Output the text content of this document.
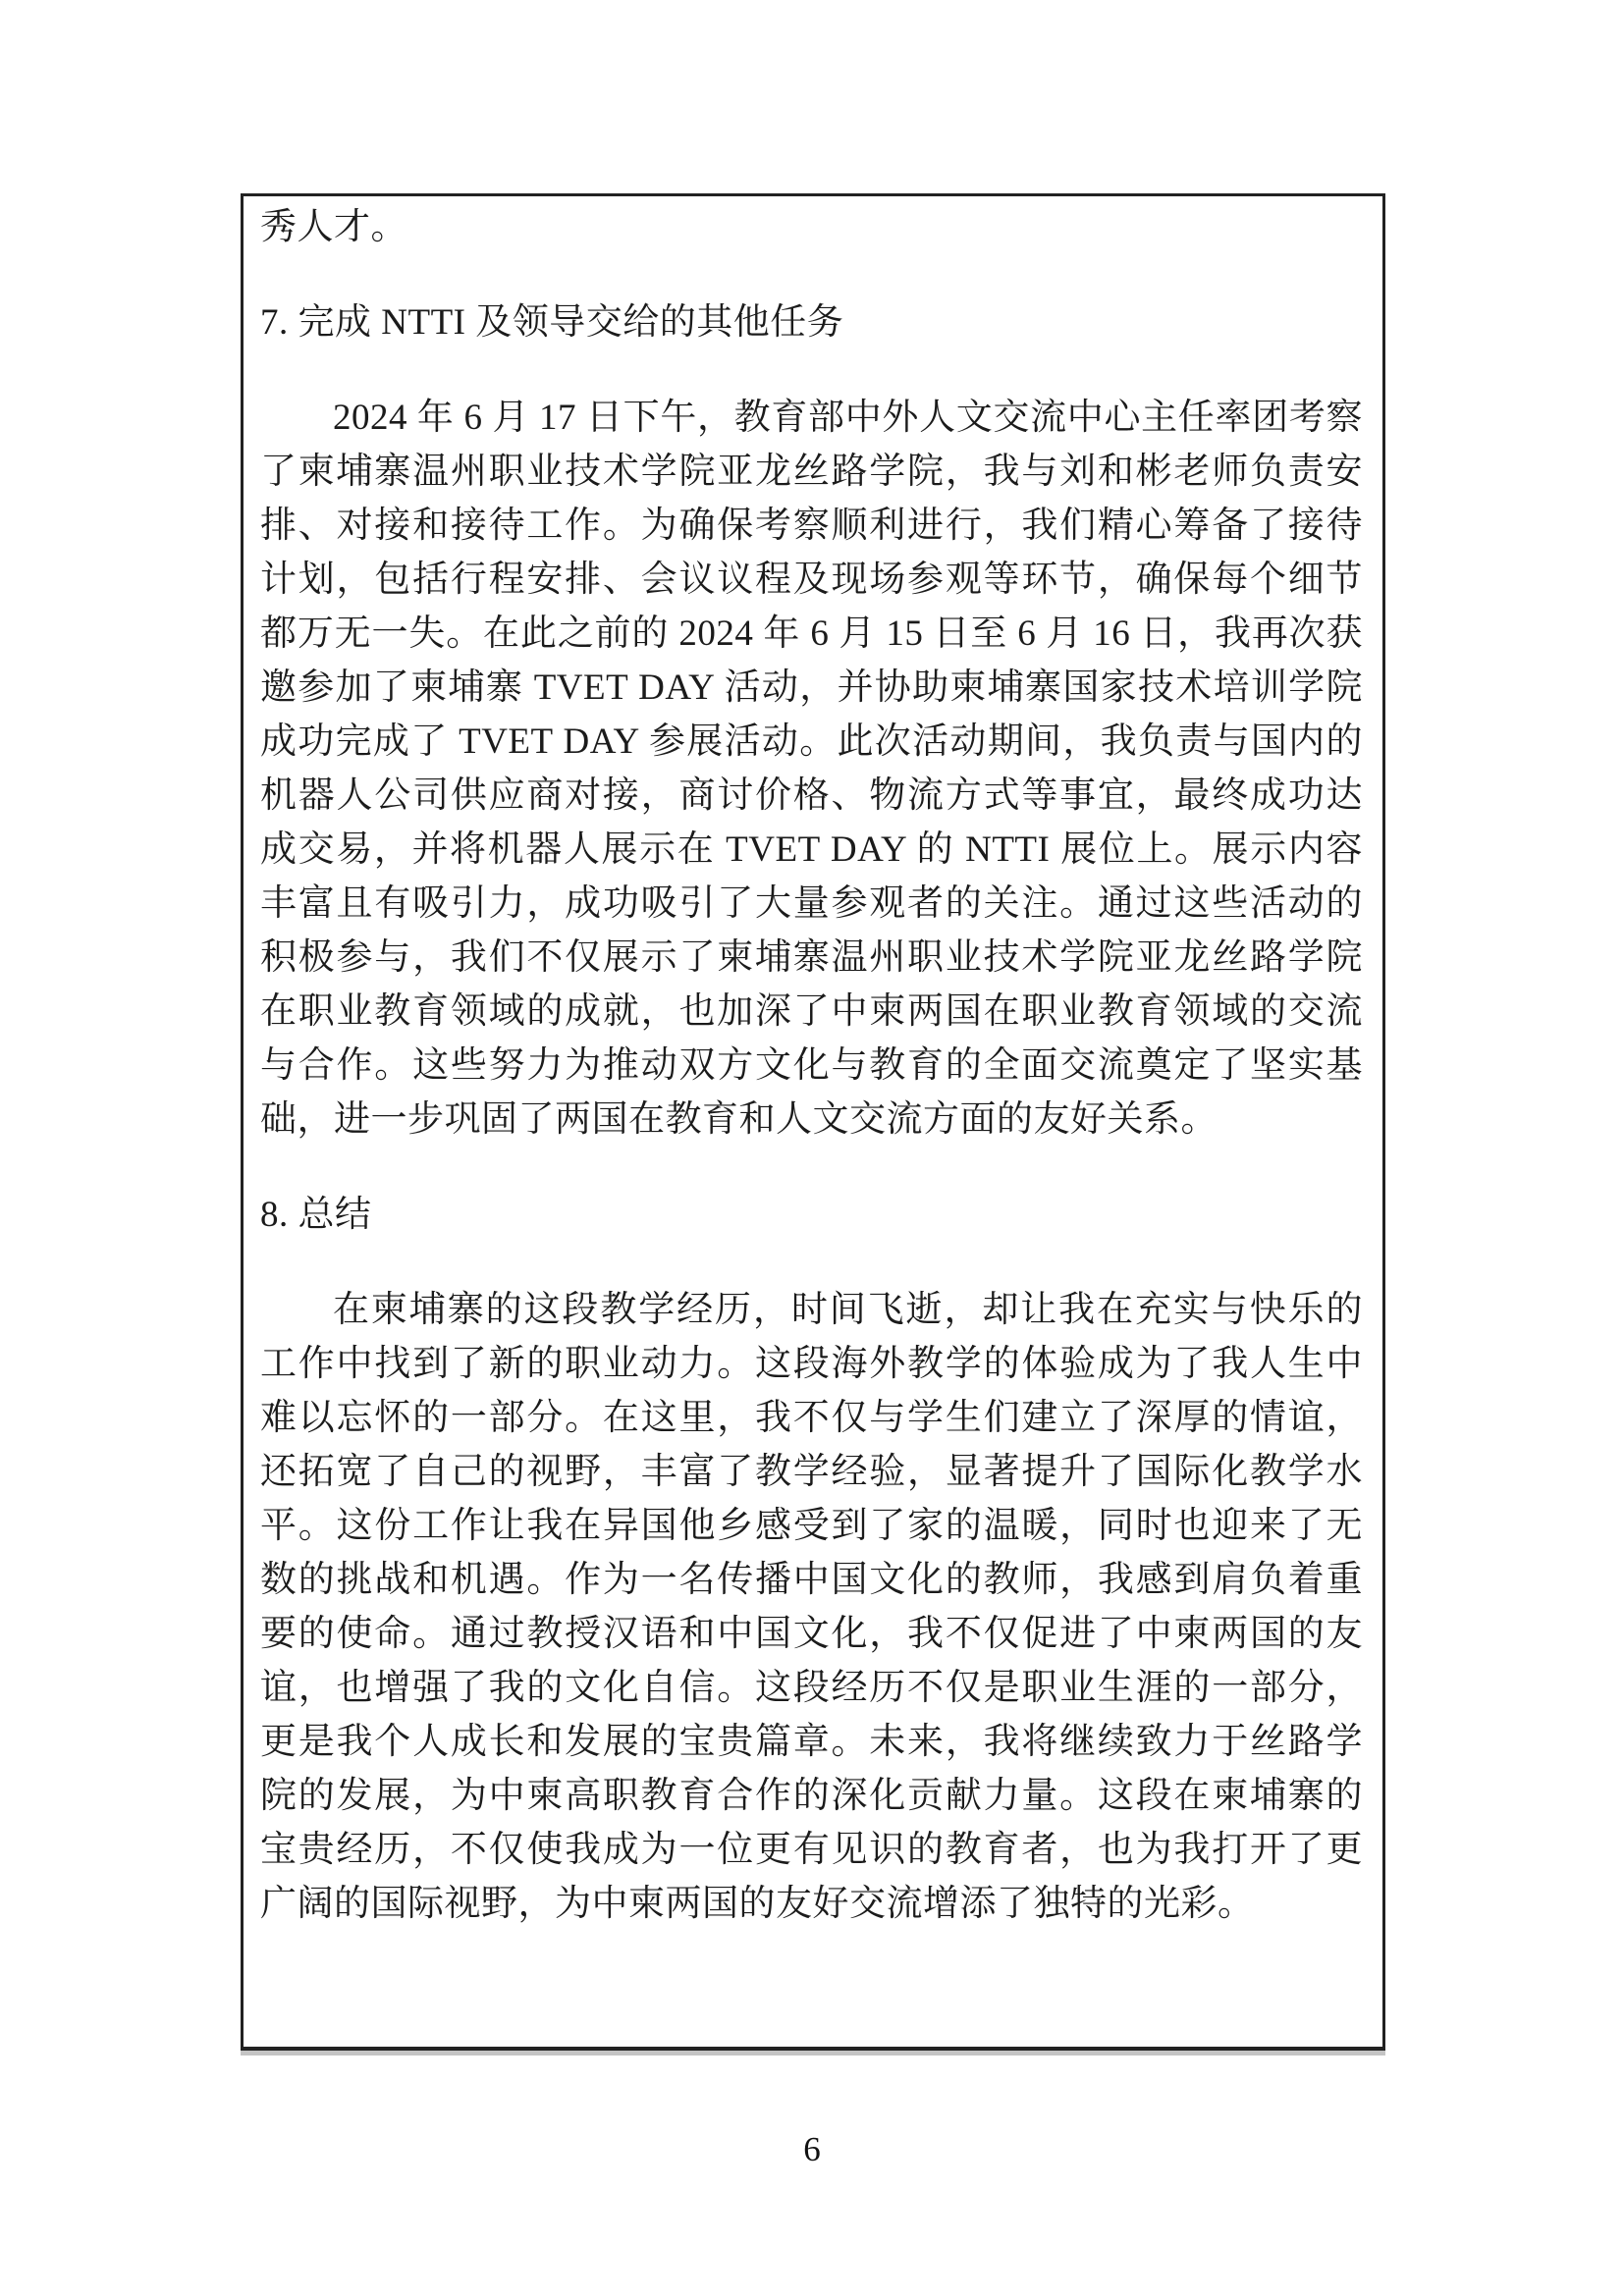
秀人才。
7. 完成 NTTI 及领导交给的其他任务
2024 年 6 月 17 日下午，教育部中外人文交流中心主任率团考察
了柬埔寨温州职业技术学院亚龙丝路学院，我与刘和彬老师负责安
排、对接和接待工作。为确保考察顺利进行，我们精心筹备了接待
计划，包括行程安排、会议议程及现场参观等环节，确保每个细节
都万无一失。在此之前的 2024 年 6 月 15 日至 6 月 16 日，我再次获
邀参加了柬埔寨 TVET DAY 活动，并协助柬埔寨国家技术培训学院
成功完成了 TVET DAY 参展活动。此次活动期间，我负责与国内的
机器人公司供应商对接，商讨价格、物流方式等事宜，最终成功达
成交易，并将机器人展示在 TVET DAY 的 NTTI 展位上。展示内容
丰富且有吸引力，成功吸引了大量参观者的关注。通过这些活动的
积极参与，我们不仅展示了柬埔寨温州职业技术学院亚龙丝路学院
在职业教育领域的成就，也加深了中柬两国在职业教育领域的交流
与合作。这些努力为推动双方文化与教育的全面交流奠定了坚实基
础，进一步巩固了两国在教育和人文交流方面的友好关系。
8. 总结
在柬埔寨的这段教学经历，时间飞逝，却让我在充实与快乐的
工作中找到了新的职业动力。这段海外教学的体验成为了我人生中
难以忘怀的一部分。在这里，我不仅与学生们建立了深厚的情谊，
还拓宽了自己的视野，丰富了教学经验，显著提升了国际化教学水
平。这份工作让我在异国他乡感受到了家的温暖，同时也迎来了无
数的挑战和机遇。作为一名传播中国文化的教师，我感到肩负着重
要的使命。通过教授汉语和中国文化，我不仅促进了中柬两国的友
谊，也增强了我的文化自信。这段经历不仅是职业生涯的一部分，
更是我个人成长和发展的宝贵篇章。未来，我将继续致力于丝路学
院的发展，为中柬高职教育合作的深化贡献力量。这段在柬埔寨的
宝贵经历，不仅使我成为一位更有见识的教育者，也为我打开了更
广阔的国际视野，为中柬两国的友好交流增添了独特的光彩。
6
